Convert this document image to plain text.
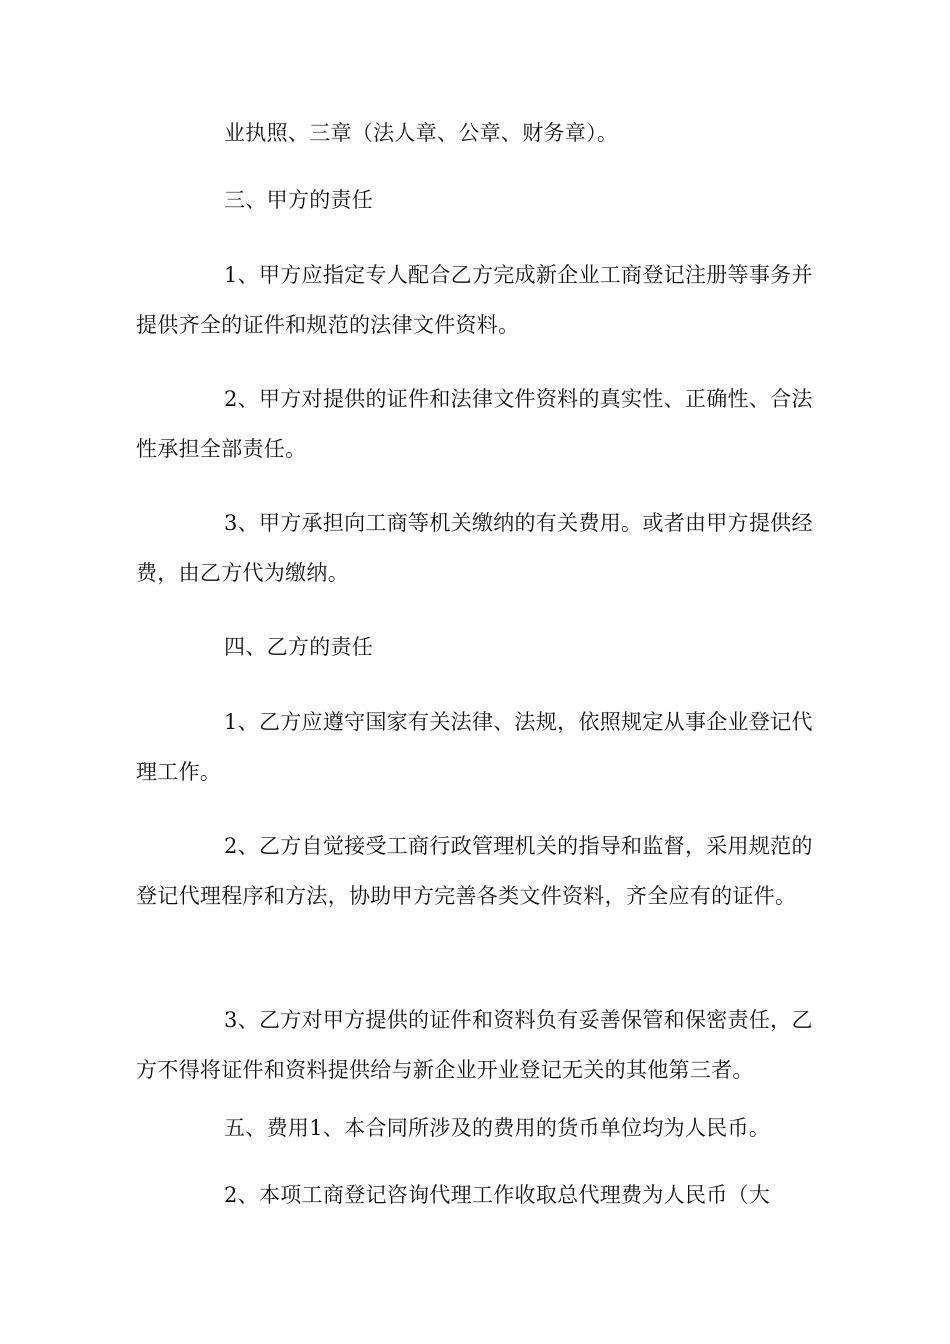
业执照、三章（法人章、公章、财务章）。

三、甲方的责任

1、甲方应指定专人配合乙方完成新企业工商登记注册等事务并提供齐全的证件和规范的法律文件资料。

2、甲方对提供的证件和法律文件资料的真实性、正确性、合法性承担全部责任。

3、甲方承担向工商等机关缴纳的有关费用。或者由甲方提供经费，由乙方代为缴纳。

四、乙方的责任

1、乙方应遵守国家有关法律、法规，依照规定从事企业登记代理工作。

2、乙方自觉接受工商行政管理机关的指导和监督，采用规范的登记代理程序和方法，协助甲方完善各类文件资料，齐全应有的证件。

3、乙方对甲方提供的证件和资料负有妥善保管和保密责任，乙方不得将证件和资料提供给与新企业开业登记无关的其他第三者。

五、费用1、本合同所涉及的费用的货币单位均为人民币。

2、本项工商登记咨询代理工作收取总代理费为人民币（大
